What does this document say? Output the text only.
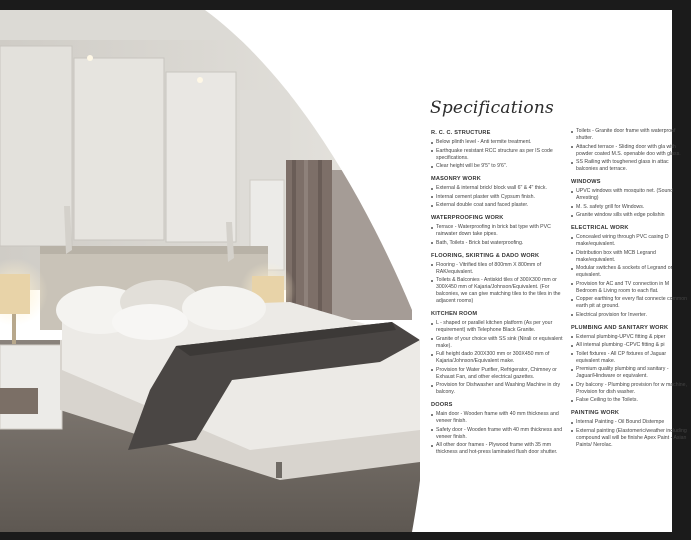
Specifications
R. C. C. STRUCTURE
Below plinth level - Anti termite treatment.
Earthquake resistant RCC structure as per IS code specifications.
Clear height will be 9'5" to 9'6".
MASONRY WORK
External & internal brick/ block wall 6" & 4" thick.
Internal cement plaster with Cypsum finish.
External double coat sand faced plaster.
WATERPROOFING WORK
Terrace - Waterproofing in brick bat type with PVC rainwater down take pipes.
Bath, Toilets - Brick bat waterproofing.
FLOORING, SKIRTING & DADO WORK
Flooring - Vitrified tiles of 800mm X 800mm of RAK/equivalent.
Toilets & Balconies - Antiskid tiles of 300X300 mm or 300X450 mm of Kajaria/Johnson/Equivalent. (For balconies, we can give matching tiles to the tiles in the adjacent rooms)
KITCHEN ROOM
L - shaped or parallel kitchen platform (As per your requirement) with Telephone Black Granite.
Granite of your choice with SS sink (Nirali or equivalent make).
Full height dado 200X300 mm or 300X450 mm of Kajaria/Johnson/Equivalent make.
Provision for Water Purifier, Refrigerator, Chimney or Exhaust Fan, and other electrical gazettes.
Provision for Dishwasher and Washing Machine in dry balcony.
DOORS
Main door - Wooden frame with 40 mm thickness and veneer finish.
Safety door - Wooden frame with 40 mm thickness and veneer finish.
All other door frames - Plywood frame with 35 mm thickness and hot-press laminated flush door shutter.
Toilets - Granite door frame with waterproof shutter.
Attached terrace - Sliding door with gla with powder coated M.S. openable doo with glass.
SS Railing with toughened glass in attac balconies and terrace.
WINDOWS
UPVC windows with mosquito net. (Sound Arresting)
M. S. safety grill for Windows.
Granite window sills with edge polishin
ELECTRICAL WORK
Concealed wiring through PVC casing D make/equivalent.
Distribution box with MCB Legrand make/equivalent.
Modular switches & sockets of Legrand or equivalent.
Provision for AC and TV connection in M Bedroom & Living room to each flat.
Copper earthing for every flat connecte common earth pit at ground.
Electrical provision for Inverter.
PLUMBING AND SANITARY WORK
External plumbing-UPVC fitting & piper
All internal plumbing -CPVC fitting & pi
Toilet fixtures - All CP fixtures of Jaguar equivalent make.
Premium quality plumbing and sanitary - Jaguar/Hindware or equivalent.
Dry balcony - Plumbing provision for w machine, Provision for dish washer.
False Ceiling to the Toilets.
PAINTING WORK
Internal Painting - Oil Bound Distempe
External painting (Elastomeric/weather including compound wall will be finishe Apex Paint - Asian Paints/ Nerolac.
